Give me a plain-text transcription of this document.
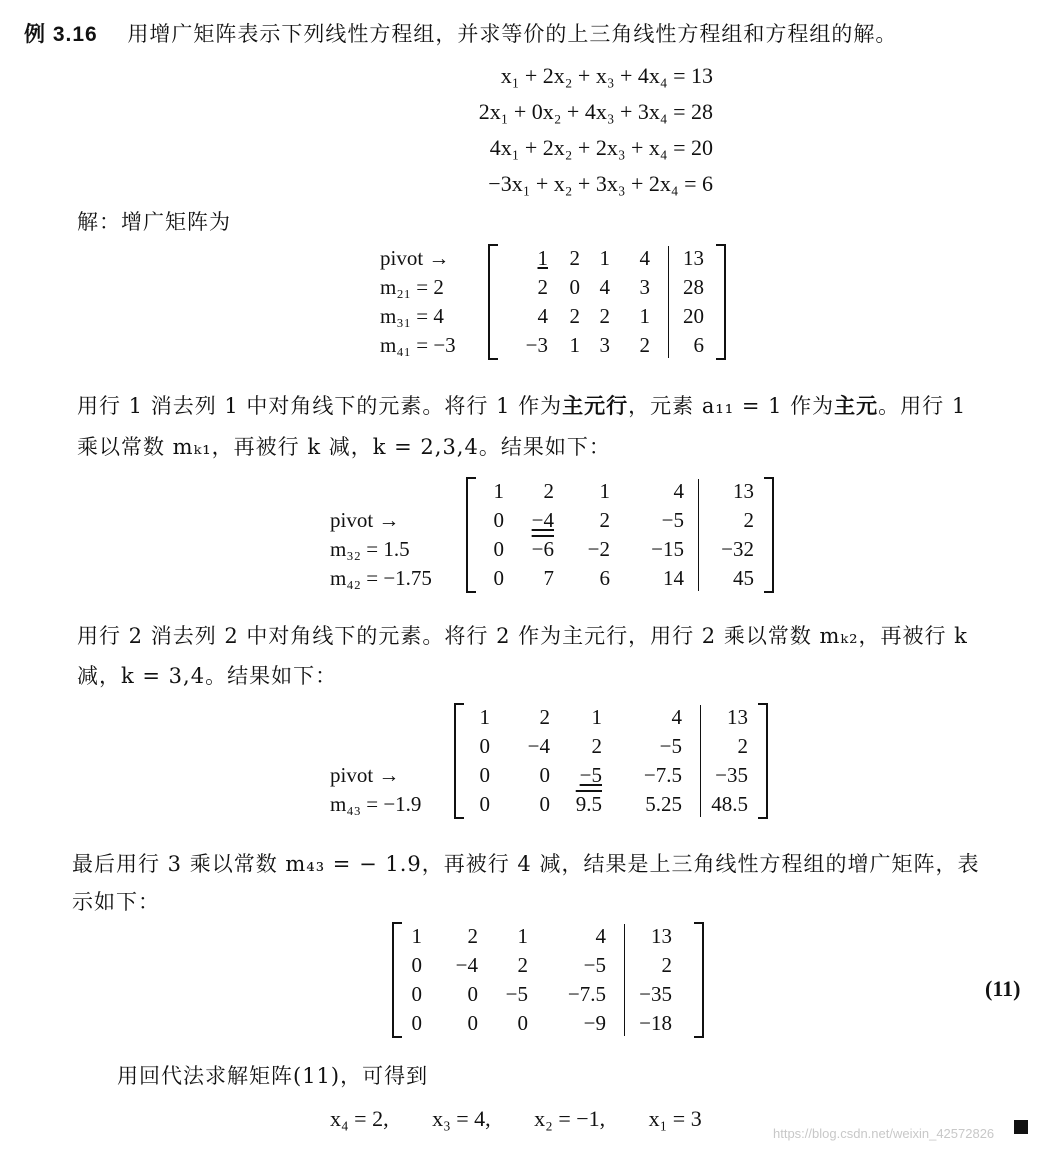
例 3.16 用增广矩阵表示下列线性方程组，并求等价的上三角线性方程组和方程组的解。
x₁ + 2x₂ + x₃ + 4x₄ = 13
2x₁ + 0x₂ + 4x₃ + 3x₄ = 28
4x₁ + 2x₂ + 2x₃ + x₄ = 20
−3x₁ + x₂ + 3x₃ + 2x₄ = 6
解：增广矩阵为
pivot →
m₂₁ = 2
m₃₁ = 4
m₄₁ = −3
1 2 1 4 13
2 0 4 3 28
4 2 2 1 20
−3 1 3 2 6
用行 1 消去列 1 中对角线下的元素。将行 1 作为主元行，元素 a₁₁ = 1 作为主元。用行 1
乘以常数 mₖ₁，再被行 k 减，k = 2,3,4。结果如下：
pivot →
m₃₂ = 1.5
m₄₂ = −1.75
1 2 1	4 13
0 −4 2 −5	2
0 −6 −2 −15 −32
0 7 6	14 45
用行 2 消去列 2 中对角线下的元素。将行 2 作为主元行，用行 2 乘以常数 mₖ₂，再被行 k
减，k = 3,4。结果如下：
pivot →
m₄₃ = −1.9
1 2 1	4 13
0 −4 2	−5	2
0 0 −5 −7.5 −35
0 0 9.5 5.25 48.5
最后用行 3 乘以常数 m₄₃ = − 1.9，再被行 4 减，结果是上三角线性方程组的增广矩阵，表
示如下：
1 2 1	4 13
0 −4 2	−5	2
0 0 −5 −7.5 −35
0 0 0	−9 −18
(11)
用回代法求解矩阵(11)，可得到
x₄ = 2, x₃ = 4, x₂ = −1, x₁ = 3
https://blog.csdn.net/weixin_42572826
